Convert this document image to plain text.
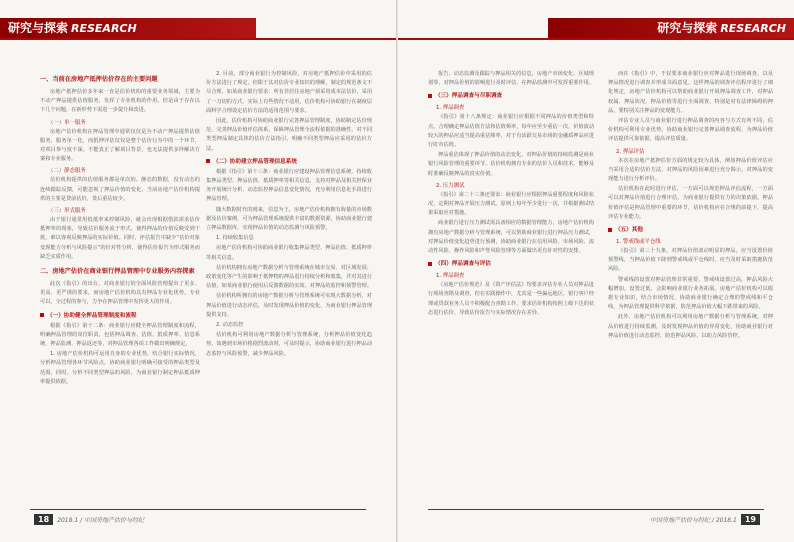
研究与探索 RESEARCH
一、当前在房地产抵押估价存在的主要问题

房地产抵押估价多年来一直是估价机构的重要业务领域，主要为不动产押品提供估值服务，发挥了专业机构的作用，但是由于存在以下几个问题，在新形势下需进一步提升和改进。

（一）单一服务

房地产估价机构在押品管理中通常仅仅是为不动产押品提供估值服务，服务单一化，而抵押评估仅仅是整个估价行为中的一个环节，对项目参与度不深，不能真正了解项目背景，也无法提供多样解决方案和专业服务。

（二）静态服务

估价机构提供的估值服务都是单次的、静态的数据，没有动态的连续跟踪反馈，可能忽视了押品价值的变化，当前房地产估价机构提供的主要是贷前估价，贷后重估较少。

（三）形式服务

由于银行通常用低抵率来控制风险，就会出现根据借款需求估价抵押率的现象，导致估价服务流于形式，使得押品的价值反映受到干扰，难以客观反映押品的实际价值。同时，评估报告中缺少“估价对象变现能力分析与风险提示”的针对性分析，使得估价报告为形式服务而缺乏实质作用。

二、房地产估价在商业银行押品管理中专业服务内容探索

此次《指引》的出台，对商业银行的全面风险管理提出了更多、更高、更严谨的要求，而房地产估价机构具有押品专业化优势，专业可以，全过程的参与，力争在押品管理中发挥更大的作用。

（一）协助健全押品管理制度和流程

根据《指引》第十二条：商业银行应健全押品管理制度和流程，明确押品管理的岗位职责，包括押品调查、估值、抵质押率、信息系统、押品监测、押品返还等，对押品管理各项工作做出明确规定。

1. 房地产估价机构可运用自身的专业优势，结合银行实际情况，分析押品管理各环节风险点，协助商业银行明确可接受的押品类型及范围，同时，分析不同类型押品的风险，为商业银行制定押品抵质押率提供依据。

2. 目前，部分商业银行为控制风险，对房地产抵押估价中采用的估价方法进行了规定，但限于其对估价专业知识的理解，制定的规范条文不尽合理。如某商业银行要求：所有非居住房地产须采用成本法估价，采用了一刀切的方式，实际上有些情况不适用，估价机构可协助银行在制度层面科学合理设定估价方法的适用范围与要求。

因此，估价机构可协助商业银行完善押品管理制度，协助制定估价规范，完善押品价值评估体系，保障押品管理全流程依据的准确性，对不同类型押品制定具体的估价方法指引，明确不同类型押品应采用的估价方法。

（二）协助建立押品管理信息系统

根据《指引》第十三条：商业银行应建设押品管理信息系统，持续收集押品类型、押品估值、抵质押率等相关信息，支持对押品及相关担保业务开展统计分析、动态监控押品信息变化情况，充分利用信息化手段进行押品管理。

随大数据时代的到来，信息为王，房地产估价机构拥有海量的市场数据及估价案例，可为押品管理系统提供丰富的数据资源，协助商业银行建立押品数据库，实现押品价值的动态监测与风险预警。

1. 持续收集信息

房地产估价机构可协助商业银行收集押品类型、押品估值、抵质押率等相关信息。

估价机构拥有房地产数据分析与管理系统在城市交易、对区域发展、政策变化等产生的影响于抵押物的押品进行持续分析和收集，并对其进行估值，如某商业银行使用后反馈数据的实效，对押品的监控和预警管理。

估价机构所拥有的房地产数据分析与管理系统可实现大数据分析，对押品价值进行动态评估，及时发现押品价值的变化，为商业银行押品管理提供支持。

2. 动态监控

估价机构可利用房地产数据分析与管理系统，分析押品价值变化趋势，如遇到市场价格剧烈波动时，可及时提示，协助商业银行进行押品动态监控与风险预警，减少押品风险。

18 2018.1 / 中国房地产估价与经纪
研究与探索 RESEARCH

报告、动态监测及跟踪与押品相关的信息，房地产市场变化、区域规划等，对押品价值的影响进行及时评估，在押品监测中可发挥重要作用。

（三）押品调查与尽职调查
1. 押品调查

《指引》第十八条规定：商业银行应根据不同押品的价值类型和特点，合理确定押品估值方法和估值频率，每年应至少重估一次，价值波动较大的押品应适当提高重估频率，对于有活跃交易市场的金融质押品应进行盯市估值。

押品重估体现了押品价值的动态变化，对押品价值的持续监测是商业银行风险管理的重要环节，估价机构拥有专业的估价人员和技术，能够及时准确反映押品的真实价值。

2. 压力测试

《指引》第二十三条还要求：商业银行应根据押品重要程度和风险状况，定期对押品开展压力测试。原则上每年至少进行一次，并根据测试结果采取应对措施。

商业银行进行压力测试需具备相应的数据管理能力，房地产估价机构拥有房地产数据分析与管理系统，可以帮助商业银行进行押品压力测试，对押品价值变化趋势进行预测，协助商业银行在信用风险、市场风险、流动性风险、操作风险和声誉风险管理等方面做出更有针对性的安排。

（四）押品调查与评估
1. 押品调查

《房地产估价规范》及《资产评估法》均要求评估专业人员对押品进行现场查勘及调查，但在实践操作中，尤其是一些偏远地区，银行客户经理或贷款业务人员不积极配合查勘工作，要求估价机构按照上级下达的状态进行估价，导致估价报告与实际情况存在差异。

而在《指引》中，不仅要求商业银行应对押品进行现场调查，以及押品情况进行调查并形成书面意见。这样押品的调查评估程序进行了细化规定，房地产估价机构可以帮助商业银行开展押品调查工作，对押品权属、押品状况、押品价值等进行全面调查，特别是对有法律障碍的押品，要特别关注押品的变现能力。

评估专业人员与商业银行进行押品调查的内容与方式有所不同，估价机构可利用专业优势，协助商业银行完善押品调查流程，为押品价值评估提供可靠依据，提高评估质量。

2. 押品评估

本次在房地产抵押估价方面的规定较为具体，例如押品价值评估应当采用合适的估价方法，对押品的风险因素进行充分揭示，对押品的变现能力进行分析评价。

估价机构在此时进行评估，一方面可以规范押品评估流程，一方面可以对押品价值进行合理评估，为商业银行提供有力的决策依据。押品价值评估是押品管理中重要的环节，估价机构应在合规的前提下，提高评估专业能力。

（五）其他
1. 警戒线或平仓线

《指引》第三十九条，对押品价值波动明显的押品，应当设置价值预警线，当押品价值下降到警戒线或平仓线时，应当及时采取措施防范风险。

警戒线的设置对押品管理非常重要，警戒线设置过高，押品风险大幅增加，设置过低，会影响商业银行业务拓展。房地产估价机构可以根据专业知识，结合市场情况，协助商业银行确定合理的警戒线和平仓线，为押品管理提供科学依据，防范押品价值大幅下跌带来的风险。

此外，房地产估价机构可以利用房地产数据分析与管理系统，对押品价值进行持续监测，及时发现押品价值的异常变化，协助商业银行对押品价值进行动态监控，防范押品风险，以助力风险管控。

中国房地产估价与经纪 / 2018.1 19
